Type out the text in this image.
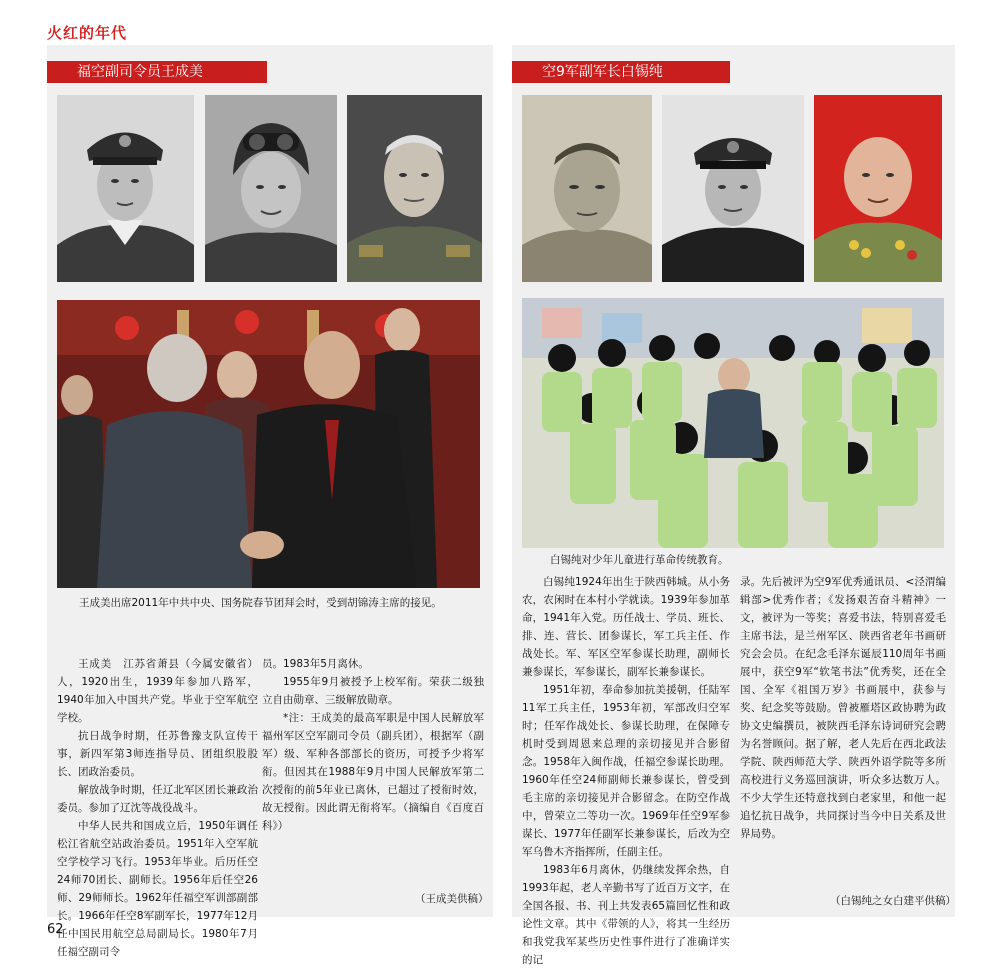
火红的年代
福空副司令员王成美
王成美出席2011年中共中央、国务院春节团拜会时，受到胡锦涛主席的接见。

王成美　江苏省萧县（今属安徽省）人，1920出生，1939年参加八路军，1940年加入中国共产党。毕业于空军航空学校。

抗日战争时期，任苏鲁豫支队宣传干事，新四军第3师连指导员、团组织股股长、团政治委员。

解放战争时期，任辽北军区团长兼政治委员。参加了辽沈等战役战斗。

中华人民共和国成立后，1950年调任松江省航空站政治委员。1951年入空军航空学校学习飞行。1953年毕业。后历任空24师70团长、副师长。1956年后任空26师、29师师长。1962年任福空军训部副部长。1966年任空8军副军长，1977年12月任中国民用航空总局副局长。1980年7月任福空副司令

员。1983年5月离休。

1955年9月被授予上校军衔。荣获二级独立自由勋章、三级解放勋章。

*注：王成美的最高军职是中国人民解放军福州军区空军副司令员（副兵团），根据军（副军）级、军种各部部长的资历，可授予少将军衔。但因其在1988年9月中国人民解放军第二次授衔的前5年业已离休，已超过了授衔时效，故无授衔。因此谓无衔将军。（摘编自《百度百科》）

（王成美供稿）
空9军副军长白锡纯
白锡纯对少年儿童进行革命传统教育。

白锡纯1924年出生于陕西韩城。从小务农，农闲时在本村小学就读。1939年参加革命，1941年入党。历任战士、学员、班长、排、连、营长、团参谋长，军工兵主任、作战处长。军、军区空军参谋长助理，副师长兼参谋长，军参谋长，副军长兼参谋长。

1951年初，奉命参加抗美援朝，任陆军11军工兵主任，1953年初，军部改归空军时；任军作战处长、参谋长助理，在保障专机时受到周恩来总理的亲切接见并合影留念。1958年入闽作战，任福空参谋长助理。1960年任空24师副师长兼参谋长，曾受到毛主席的亲切接见并合影留念。在防空作战中，曾荣立二等功一次。1969年任空9军参谋长、1977年任副军长兼参谋长，后改为空军乌鲁木齐指挥所，任副主任。

1983年6月离休，仍继续发挥余热，自1993年起，老人辛勤书写了近百万文字，在全国各报、书、刊上共发表65篇回忆性和政论性文章。其中《带领的人》，将其一生经历和我党我军某些历史性事件进行了准确详实的记

录。先后被评为空9军优秀通讯员、<泾渭编辑部>优秀作者；《发扬艰苦奋斗精神》一文，被评为一等奖；喜爱书法，特别喜爱毛主席书法，是兰州军区、陕西省老年书画研究会会员。在纪念毛泽东诞辰110周年书画展中，获空9军“软笔书法”优秀奖，还在全国、全军《祖国万岁》书画展中，获参与奖、纪念奖等鼓励。曾被雁塔区政协聘为政协文史编撰员，被陕西毛泽东诗词研究会聘为名誉顾问。据了解，老人先后在西北政法学院、陕西师范大学、陕西外语学院等多所高校进行义务巡回演讲，听众多达数万人。不少大学生还特意找到白老家里，和他一起追忆抗日战争，共同探讨当今中日关系及世界局势。

（白锡纯之女白建平供稿）
62
